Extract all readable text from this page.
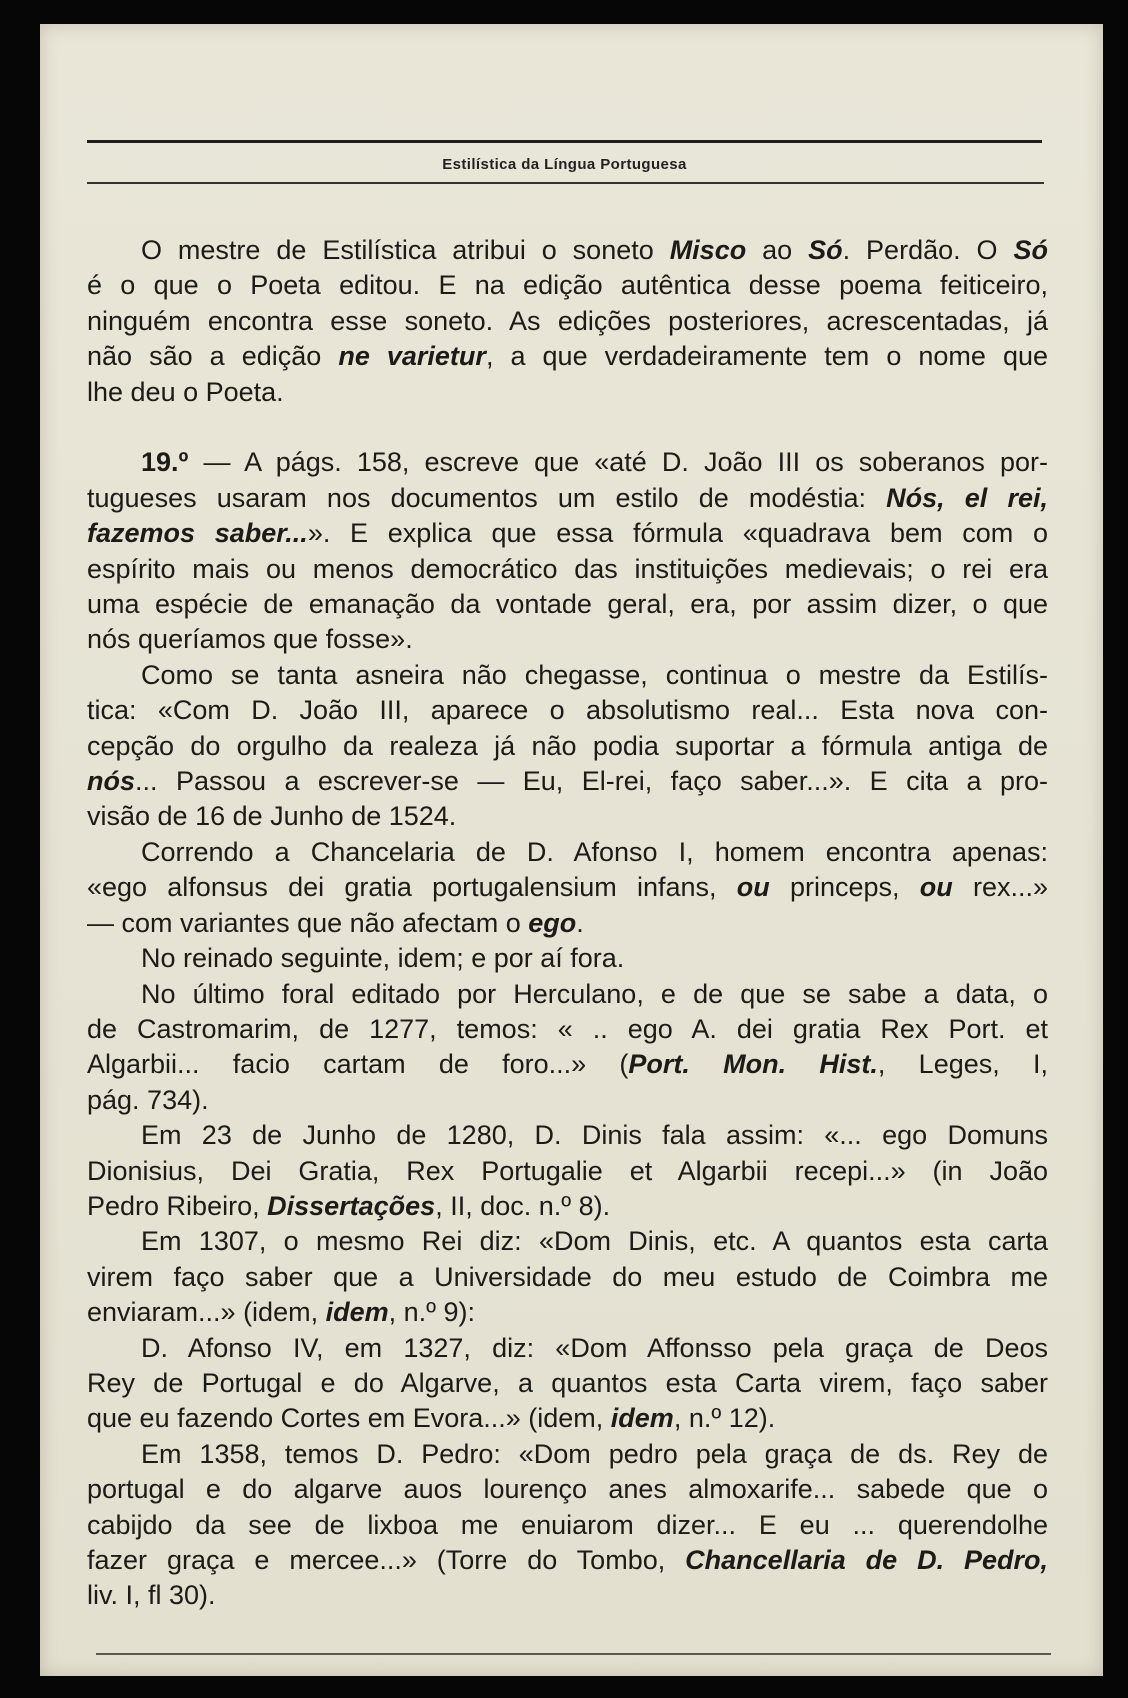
Estilística da Língua Portuguesa
O mestre de Estilística atribui o soneto Misco ao Só. Perdão. O Só
é o que o Poeta editou. E na edição autêntica desse poema feiticeiro,
ninguém encontra esse soneto. As edições posteriores, acrescentadas, já
não são a edição ne varietur, a que verdadeiramente tem o nome que
lhe deu o Poeta.
19.º — A págs. 158, escreve que «até D. João III os soberanos por-
tugueses usaram nos documentos um estilo de modéstia: Nós, el rei,
fazemos saber...». E explica que essa fórmula «quadrava bem com o
espírito mais ou menos democrático das instituições medievais; o rei era
uma espécie de emanação da vontade geral, era, por assim dizer, o que
nós queríamos que fosse».
Como se tanta asneira não chegasse, continua o mestre da Estilís-
tica: «Com D. João III, aparece o absolutismo real... Esta nova con-
cepção do orgulho da realeza já não podia suportar a fórmula antiga de
nós... Passou a escrever-se — Eu, El-rei, faço saber...». E cita a pro-
visão de 16 de Junho de 1524.
Correndo a Chancelaria de D. Afonso I, homem encontra apenas:
«ego alfonsus dei gratia portugalensium infans, ou princeps, ou rex...»
— com variantes que não afectam o ego.
No reinado seguinte, idem; e por aí fora.
No último foral editado por Herculano, e de que se sabe a data, o
de Castromarim, de 1277, temos: « .. ego A. dei gratia Rex Port. et
Algarbii... facio cartam de foro...» (Port. Mon. Hist., Leges, I,
pág. 734).
Em 23 de Junho de 1280, D. Dinis fala assim: «... ego Domuns
Dionisius, Dei Gratia, Rex Portugalie et Algarbii recepi...» (in João
Pedro Ribeiro, Dissertações, II, doc. n.º 8).
Em 1307, o mesmo Rei diz: «Dom Dinis, etc. A quantos esta carta
virem faço saber que a Universidade do meu estudo de Coimbra me
enviaram...» (idem, idem, n.º 9):
D. Afonso IV, em 1327, diz: «Dom Affonsso pela graça de Deos
Rey de Portugal e do Algarve, a quantos esta Carta virem, faço saber
que eu fazendo Cortes em Evora...» (idem, idem, n.º 12).
Em 1358, temos D. Pedro: «Dom pedro pela graça de ds. Rey de
portugal e do algarve auos lourenço anes almoxarife... sabede que o
cabijdo da see de lixboa me enuiarom dizer... E eu ... querendolhe
fazer graça e mercee...» (Torre do Tombo, Chancellaria de D. Pedro,
liv. I, fl 30).
